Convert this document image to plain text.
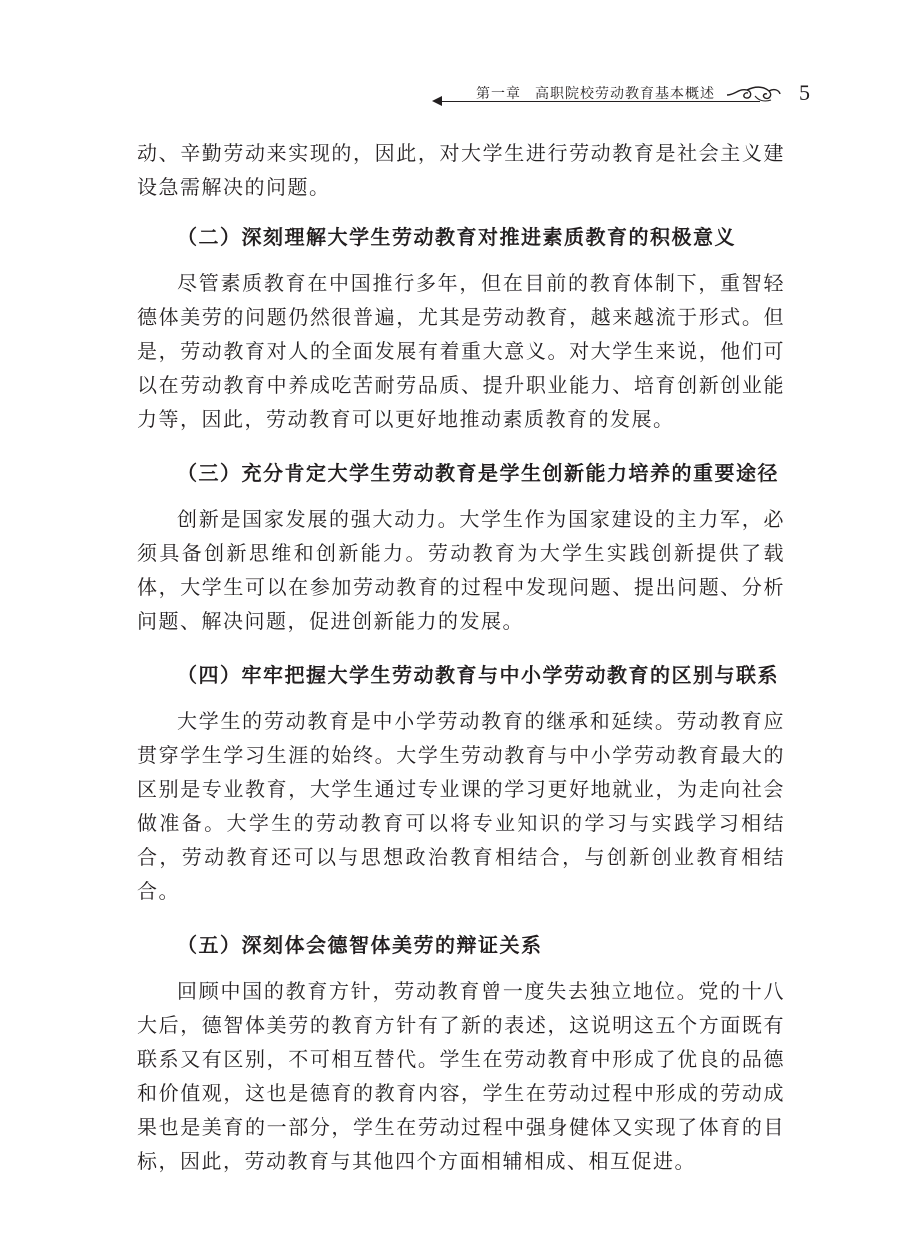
第一章 高职院校劳动教育基本概述	5

动、辛勤劳动来实现的，因此，对大学生进行劳动教育是社会主义建设急需解决的问题。

（二）深刻理解大学生劳动教育对推进素质教育的积极意义

尽管素质教育在中国推行多年，但在目前的教育体制下，重智轻德体美劳的问题仍然很普遍，尤其是劳动教育，越来越流于形式。但是，劳动教育对人的全面发展有着重大意义。对大学生来说，他们可以在劳动教育中养成吃苦耐劳品质、提升职业能力、培育创新创业能力等，因此，劳动教育可以更好地推动素质教育的发展。

（三）充分肯定大学生劳动教育是学生创新能力培养的重要途径

创新是国家发展的强大动力。大学生作为国家建设的主力军，必须具备创新思维和创新能力。劳动教育为大学生实践创新提供了载体，大学生可以在参加劳动教育的过程中发现问题、提出问题、分析问题、解决问题，促进创新能力的发展。

（四）牢牢把握大学生劳动教育与中小学劳动教育的区别与联系

大学生的劳动教育是中小学劳动教育的继承和延续。劳动教育应贯穿学生学习生涯的始终。大学生劳动教育与中小学劳动教育最大的区别是专业教育，大学生通过专业课的学习更好地就业，为走向社会做准备。大学生的劳动教育可以将专业知识的学习与实践学习相结合，劳动教育还可以与思想政治教育相结合，与创新创业教育相结合。

（五）深刻体会德智体美劳的辩证关系

回顾中国的教育方针，劳动教育曾一度失去独立地位。党的十八大后，德智体美劳的教育方针有了新的表述，这说明这五个方面既有联系又有区别，不可相互替代。学生在劳动教育中形成了优良的品德和价值观，这也是德育的教育内容，学生在劳动过程中形成的劳动成果也是美育的一部分，学生在劳动过程中强身健体又实现了体育的目标，因此，劳动教育与其他四个方面相辅相成、相互促进。
